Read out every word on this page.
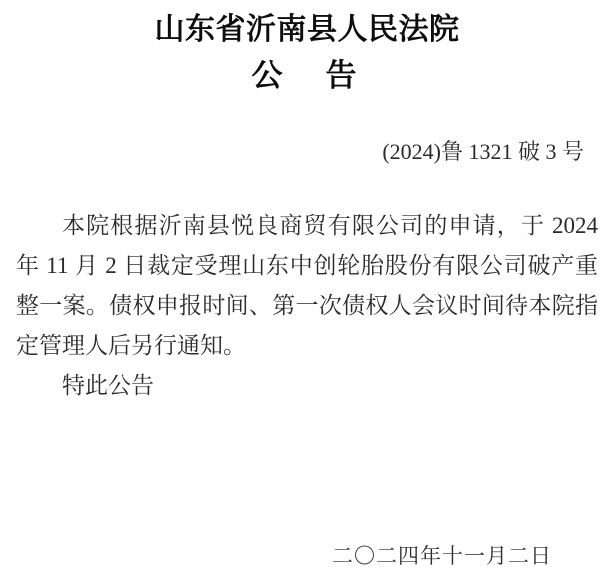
山东省沂南县人民法院
公　告
(2024)鲁 1321 破 3 号

本院根据沂南县悦良商贸有限公司的申请，于 2024 年 11 月 2 日裁定受理山东中创轮胎股份有限公司破产重整一案。债权申报时间、第一次债权人会议时间待本院指定管理人后另行通知。

特此公告

二〇二四年十一月二日
